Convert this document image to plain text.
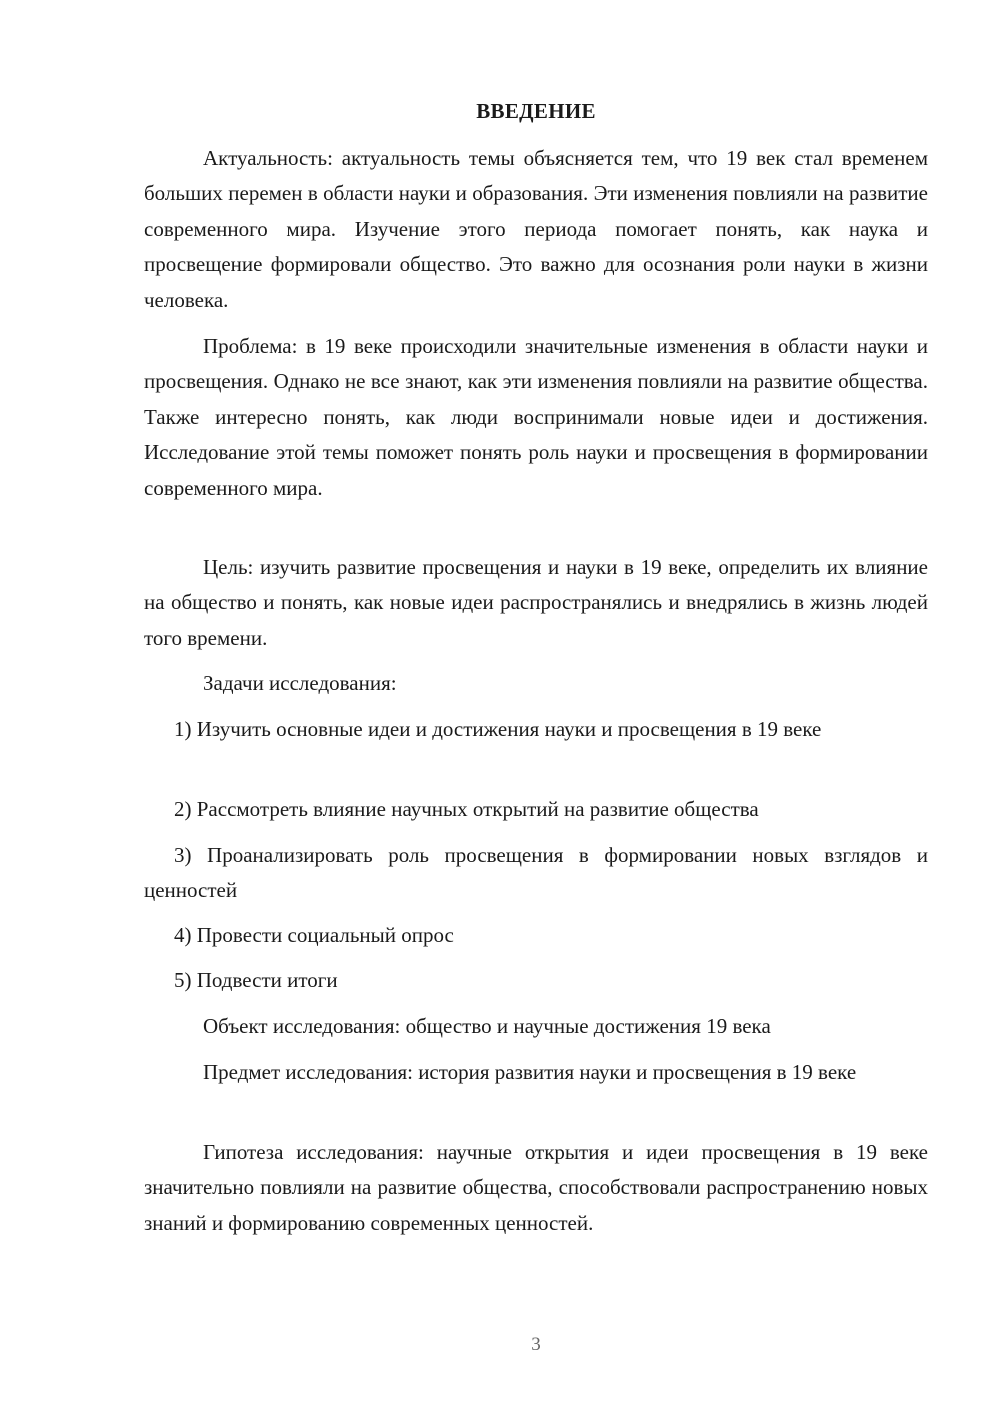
ВВЕДЕНИЕ

Актуальность: актуальность темы объясняется тем, что 19 век стал временем больших перемен в области науки и образования. Эти изменения повлияли на развитие современного мира. Изучение этого периода помогает понять, как наука и просвещение формировали общество. Это важно для осознания роли науки в жизни человека.

Проблема: в 19 веке происходили значительные изменения в области науки и просвещения. Однако не все знают, как эти изменения повлияли на развитие общества. Также интересно понять, как люди воспринимали новые идеи и достижения. Исследование этой темы поможет понять роль науки и просвещения в формировании современного мира.

Цель: изучить развитие просвещения и науки в 19 веке, определить их влияние на общество и понять, как новые идеи распространялись и внедрялись в жизнь людей того времени.

Задачи исследования:

1) Изучить основные идеи и достижения науки и просвещения в 19 веке

2) Рассмотреть влияние научных открытий на развитие общества

3) Проанализировать роль просвещения в формировании новых взглядов и ценностей

4) Провести социальный опрос

5) Подвести итоги

Объект исследования: общество и научные достижения 19 века

Предмет исследования: история развития науки и просвещения в 19 веке

Гипотеза исследования: научные открытия и идеи просвещения в 19 веке значительно повлияли на развитие общества, способствовали распространению новых знаний и формированию современных ценностей.

3
